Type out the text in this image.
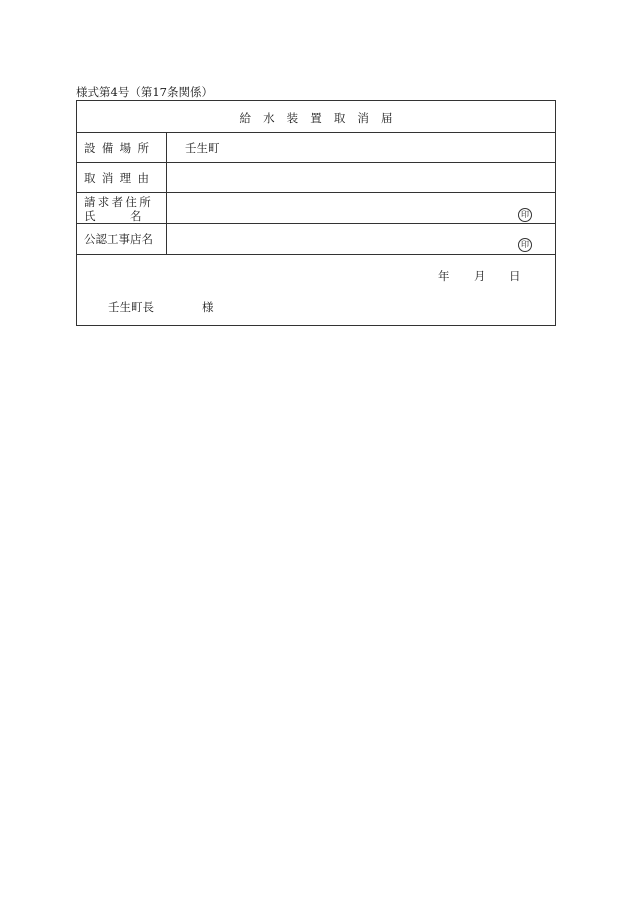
様式第4号（第17条関係）
給水装置取消届
設備場所	壬生町
取消理由
請求者住所
氏　　　名	印
公認工事店名	印
年 月 日
壬生町長	様
